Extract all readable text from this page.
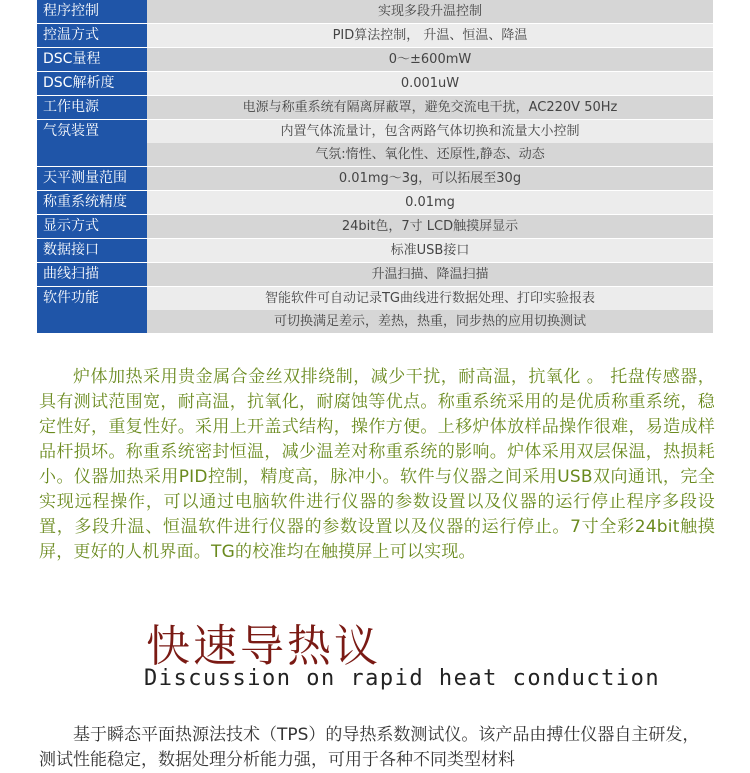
程序控制	实现多段升温控制

控温方式	PID算法控制， 升温、恒温、降温

DSC量程	0～±600mW

DSC解析度	0.001uW

工作电源	电源与称重系统有隔离屏蔽罩，避免交流电干扰，AC220V 50Hz

气氛装置	内置气体流量计，包含两路气体切换和流量大小控制
气氛:惰性、氧化性、还原性,静态、动态

天平测量范围	0.01mg～3g，可以拓展至30g

称重系统精度	0.01mg

显示方式	24bit色，7寸 LCD触摸屏显示

数据接口	标准USB接口

曲线扫描	升温扫描、降温扫描

软件功能	智能软件可自动记录TG曲线进行数据处理、打印实验报表
可切换满足差示，差热，热重，同步热的应用切换测试

炉体加热采用贵金属合金丝双排绕制，减少干扰，耐高温，抗氧化 。 托盘传感器，具有测试范围宽，耐高温，抗氧化，耐腐蚀等优点。称重系统采用的是优质称重系统，稳定性好，重复性好。采用上开盖式结构，操作方便。上移炉体放样品操作很难，易造成样品杆损坏。称重系统密封恒温，减少温差对称重系统的影响。炉体采用双层保温，热损耗小。仪器加热采用PID控制，精度高，脉冲小。软件与仪器之间采用USB双向通讯，完全实现远程操作，可以通过电脑软件进行仪器的参数设置以及仪器的运行停止程序多段设置，多段升温、恒温软件进行仪器的参数设置以及仪器的运行停止。7寸全彩24bit触摸屏，更好的人机界面。TG的校准均在触摸屏上可以实现。

快速导热议
Discussion on rapid heat conduction

基于瞬态平面热源法技术（TPS）的导热系数测试仪。该产品由搏仕仪器自主研发，测试性能稳定，数据处理分析能力强，可用于各种不同类型材料
